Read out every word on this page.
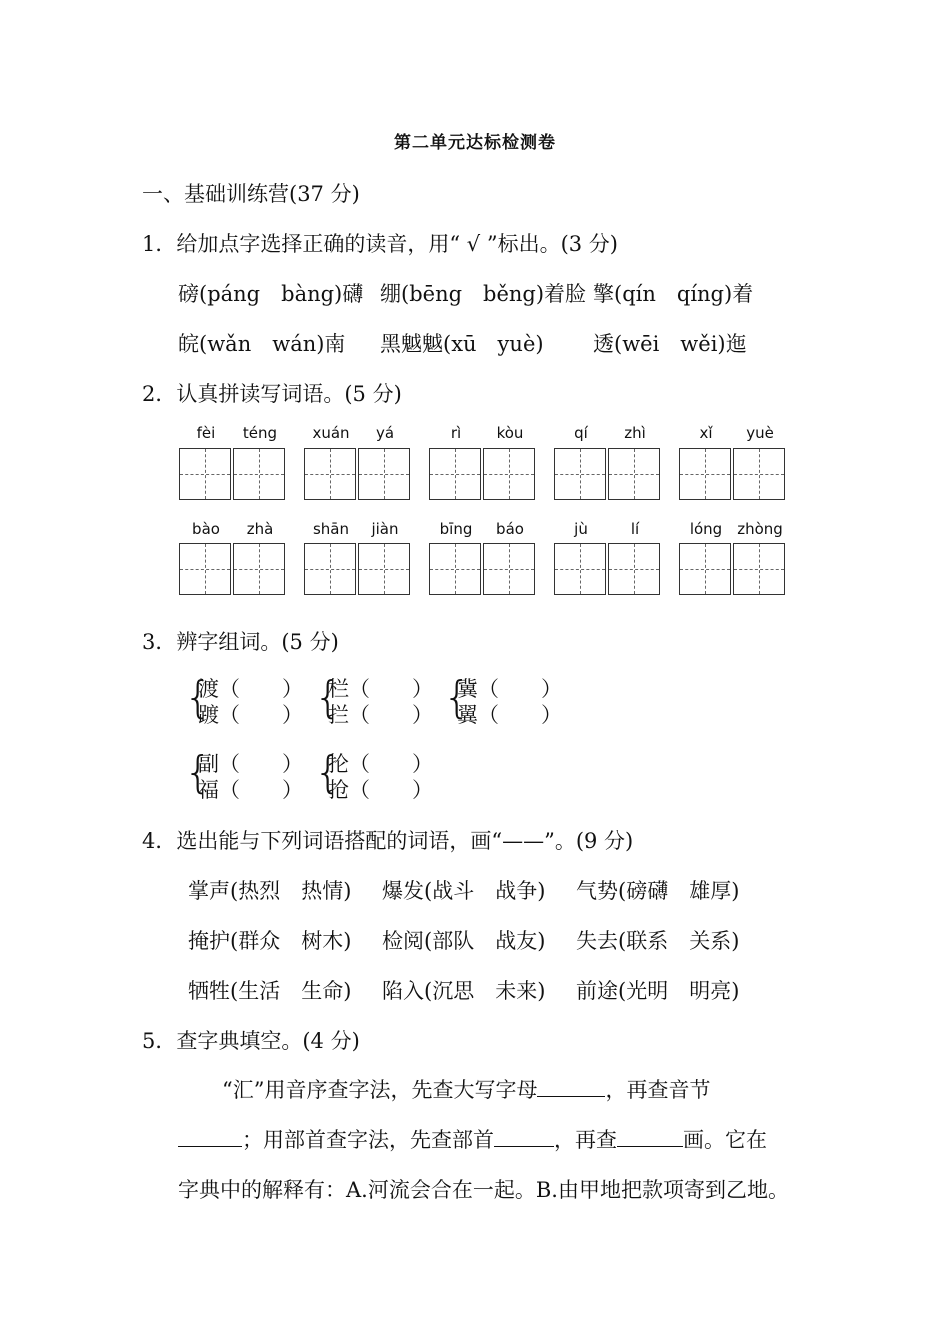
第二单元达标检测卷
一、基础训练营(37 分)
1．给加点字选择正确的读音，用“ √ ”标出。(3 分)
磅(páng　bàng)礴 绷(bēng　běng)着脸 擎(qín　qíng)着
皖(wǎn　wán)南 黑魆魆(xū　yuè) 透(wēi　wěi)迤
2．认真拼读写词语。(5 分)
fèi	téng	xuán	yá	rì	kòu	qí	zhì	xǐ	yuè
bào	zhà	shān	jiàn	bīng	báo	jù	lí	lóng	zhòng
3．辨字组词。(5 分)
{
渡（　　）
踱（　　） {
栏（　　）
拦（　　） {
冀（　　）
翼（　　）
{
副（　　）
福（　　） {
抡（　　）
抢（　　）
4．选出能与下列词语搭配的词语，画“——”。(9 分)
掌声(热烈　热情) 爆发(战斗　战争) 气势(磅礴　雄厚)
掩护(群众　树木) 检阅(部队　战友) 失去(联系　关系)
牺牲(生活　生命) 陷入(沉思　未来) 前途(光明　明亮)
5．查字典填空。(4 分)
“汇”用音序查字法，先查大写字母	，再查音节
；用部首查字法，先查部首	，再查	画。它在
字典中的解释有：A.河流会合在一起。B.由甲地把款项寄到乙地。
